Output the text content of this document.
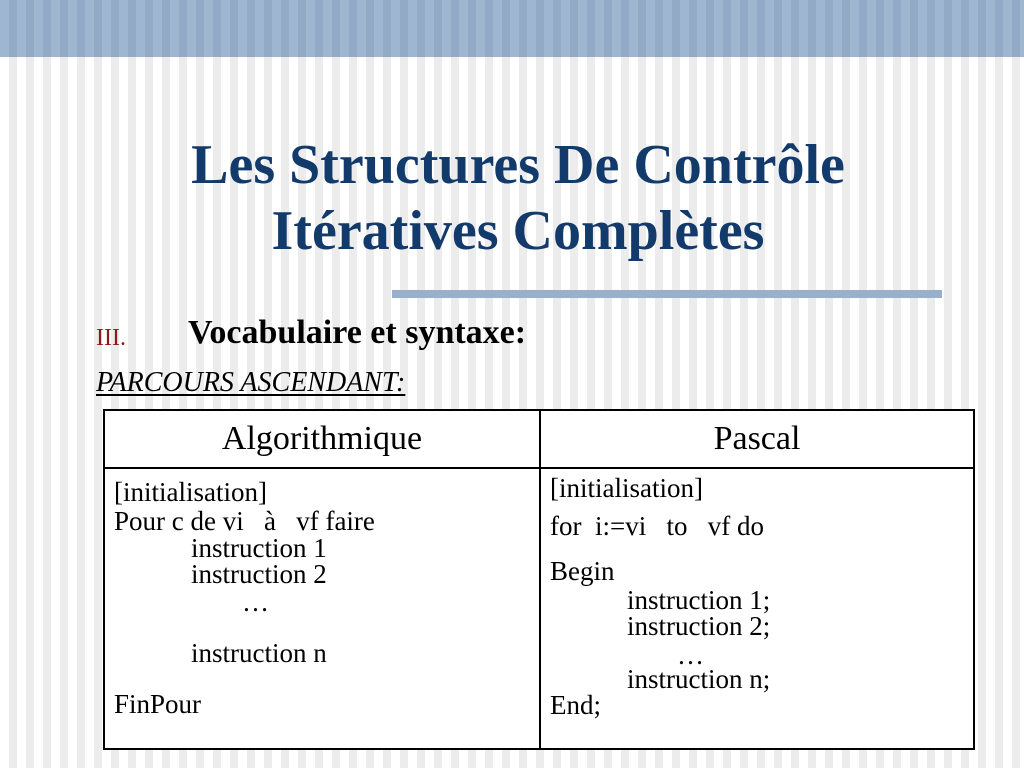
Les Structures De Contrôle
Itératives Complètes
III. Vocabulaire et syntaxe:
PARCOURS ASCENDANT:
Algorithmique	Pascal
[initialisation]
Pour c de vi   à   vf faire
instruction 1
instruction 2
…
instruction n
FinPour
[initialisation]
for  i:=vi   to   vf do
Begin
instruction 1;
instruction 2;
…
instruction n;
End;
